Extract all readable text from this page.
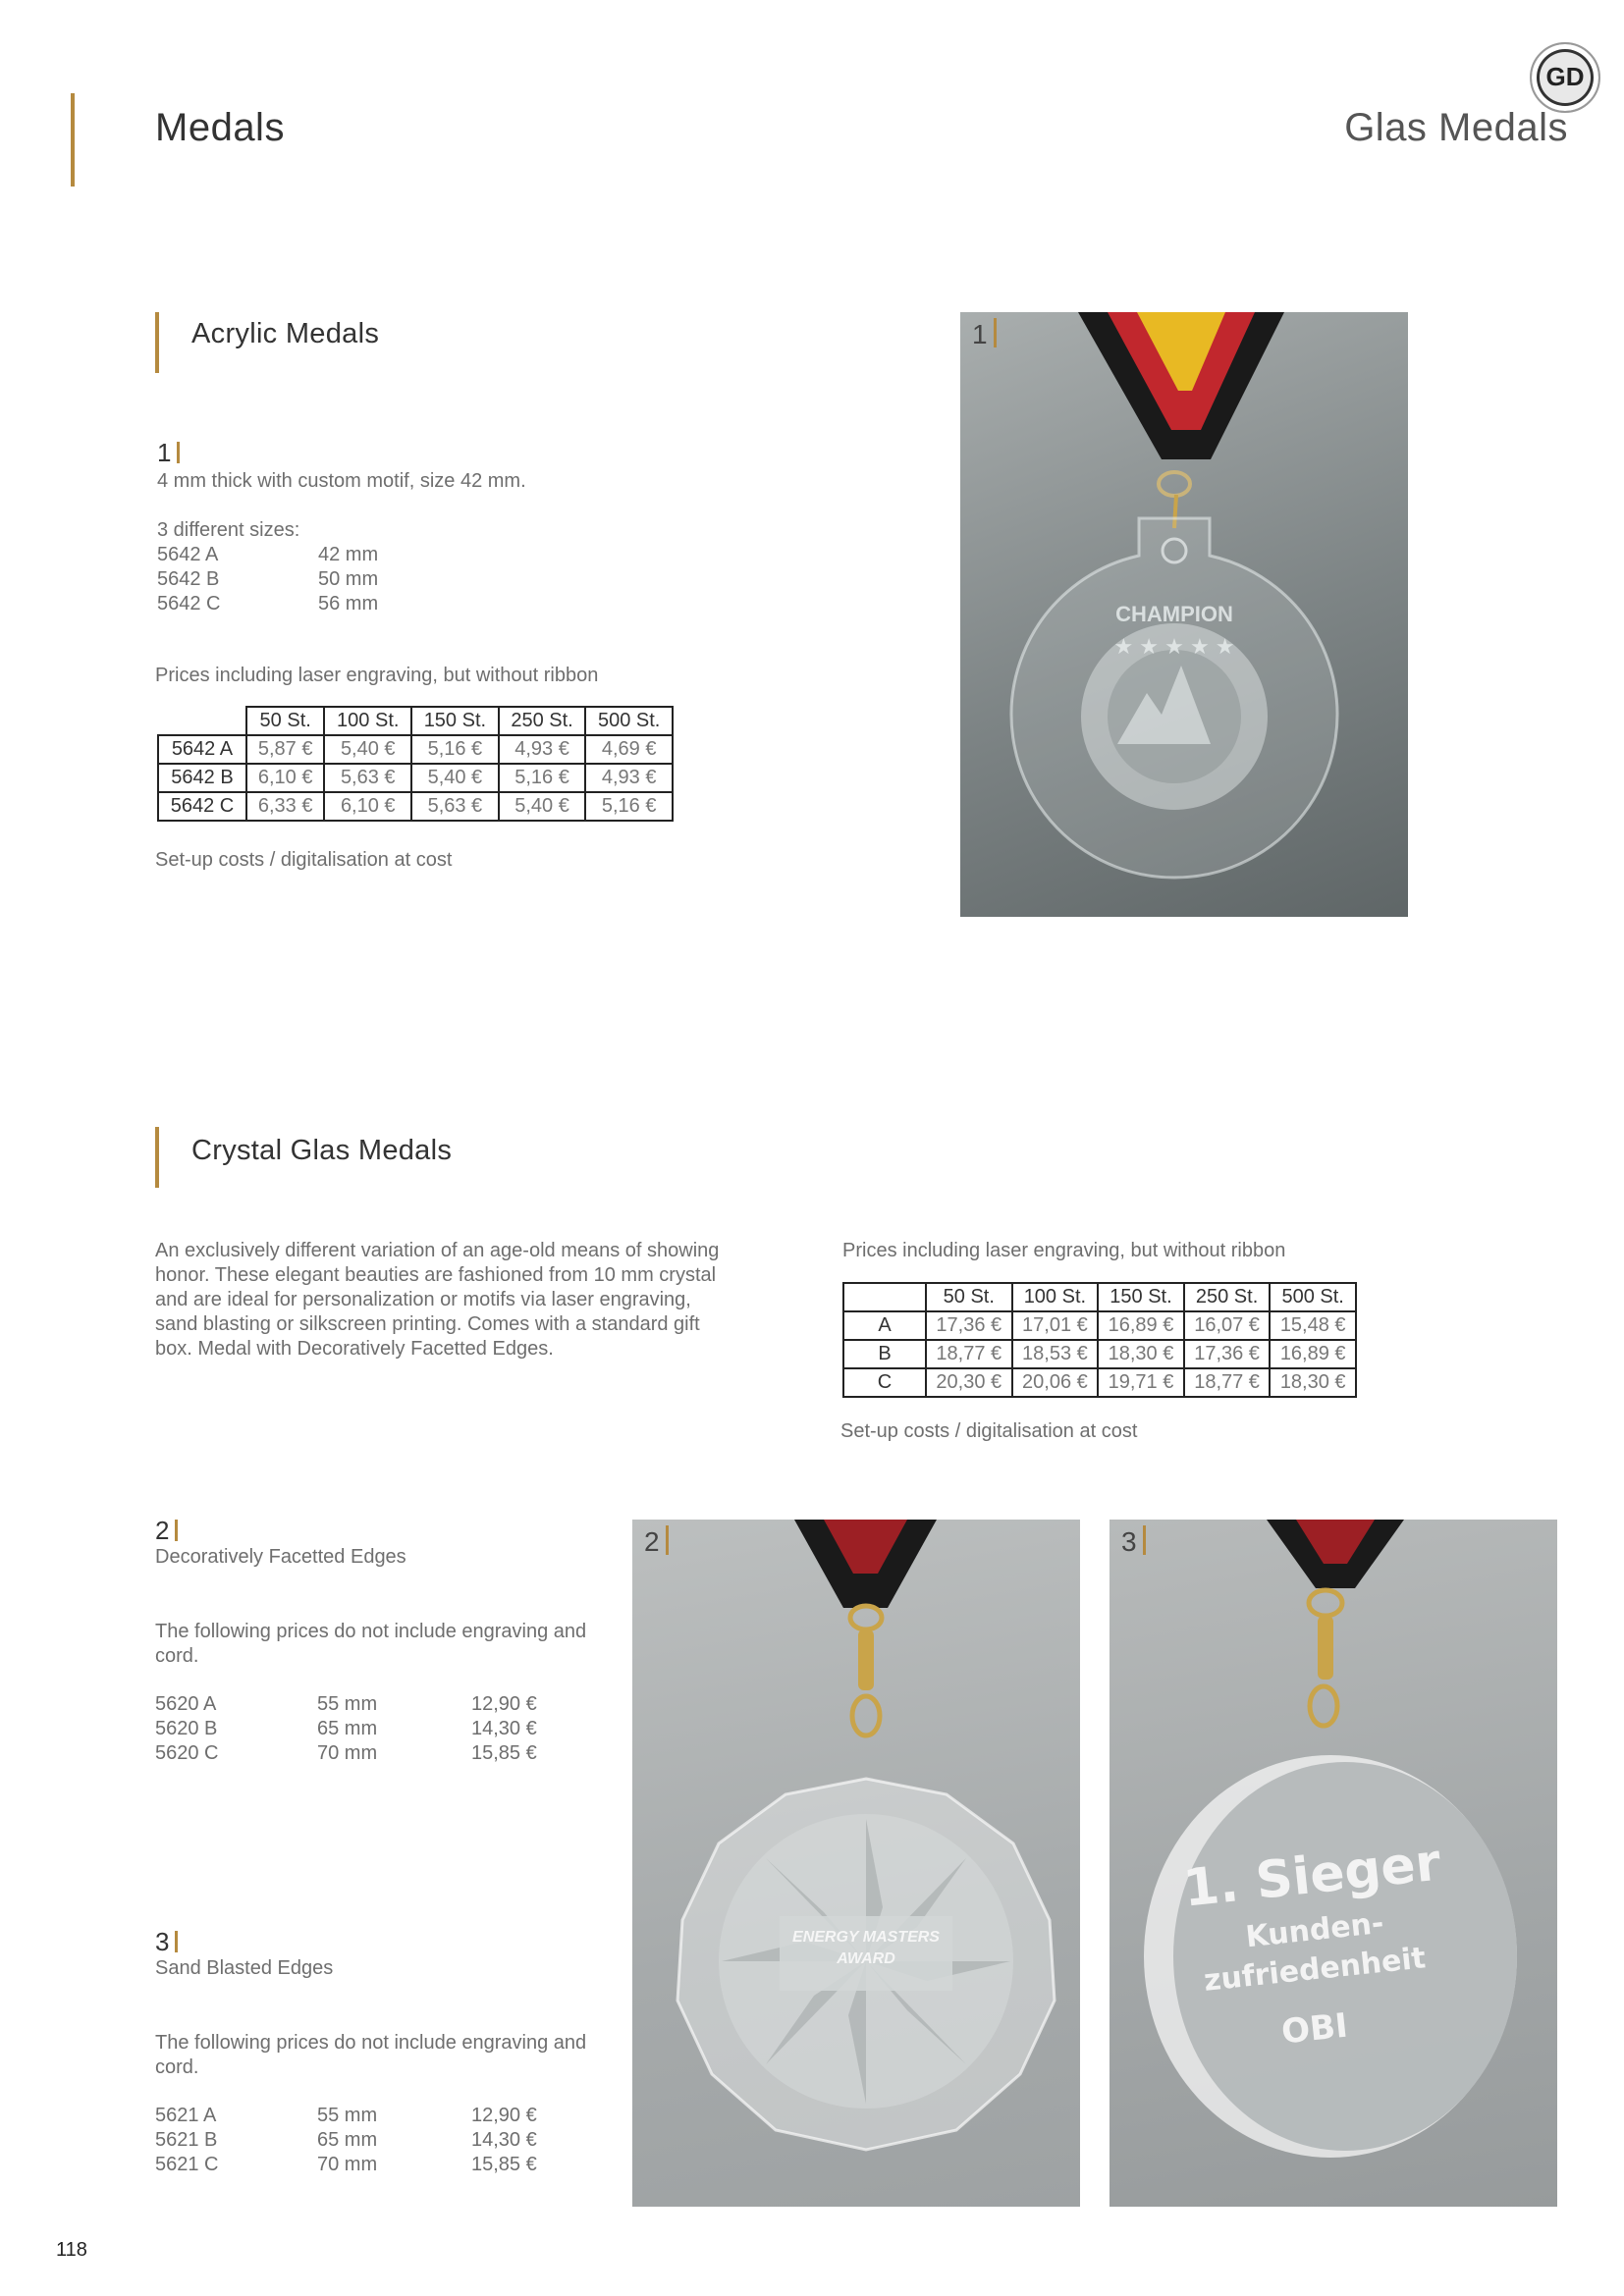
Medals	Glas Medals
GD
Acrylic Medals
1
4 mm thick with custom motif, size 42 mm.
3 different sizes:
5642 A	42 mm
5642 B	50 mm
5642 C	56 mm
Prices including laser engraving, but without ribbon
	50 St.	100 St.	150 St.	250 St.	500 St.
5642 A	5,87 €	5,40 €	5,16 €	4,93 €	4,69 €
5642 B	6,10 €	5,63 €	5,40 €	5,16 €	4,93 €
5642 C	6,33 €	6,10 €	5,63 €	5,40 €	5,16 €
Set-up costs / digitalisation at cost
CHAMPION
★ ★ ★ ★ ★
1
Crystal Glas Medals
An exclusively different variation of an age-old means of showing honor. These elegant beauties are fashioned from 10 mm crystal and are ideal for personalization or motifs via laser engraving, sand blasting or silkscreen printing. Comes with a standard gift box. Medal with Decoratively Facetted Edges.
Prices including laser engraving, but without ribbon
	50 St.	100 St.	150 St.	250 St.	500 St.
A	17,36 €	17,01 €	16,89 €	16,07 €	15,48 €
B	18,77 €	18,53 €	18,30 €	17,36 €	16,89 €
C	20,30 €	20,06 €	19,71 €	18,77 €	18,30 €
Set-up costs / digitalisation at cost
2
Decoratively Facetted Edges
The following prices do not include engraving and cord.
5620 A	55 mm	12,90 €
5620 B	65 mm	14,30 €
5620 C	70 mm	15,85 €
3
Sand Blasted Edges
The following prices do not include engraving and cord.
5621 A	55 mm	12,90 €
5621 B	65 mm	14,30 €
5621 C	70 mm	15,85 €
ENERGY MASTERS
AWARD
2
1. Sieger
Kunden-
zufriedenheit
OBI
3
118
